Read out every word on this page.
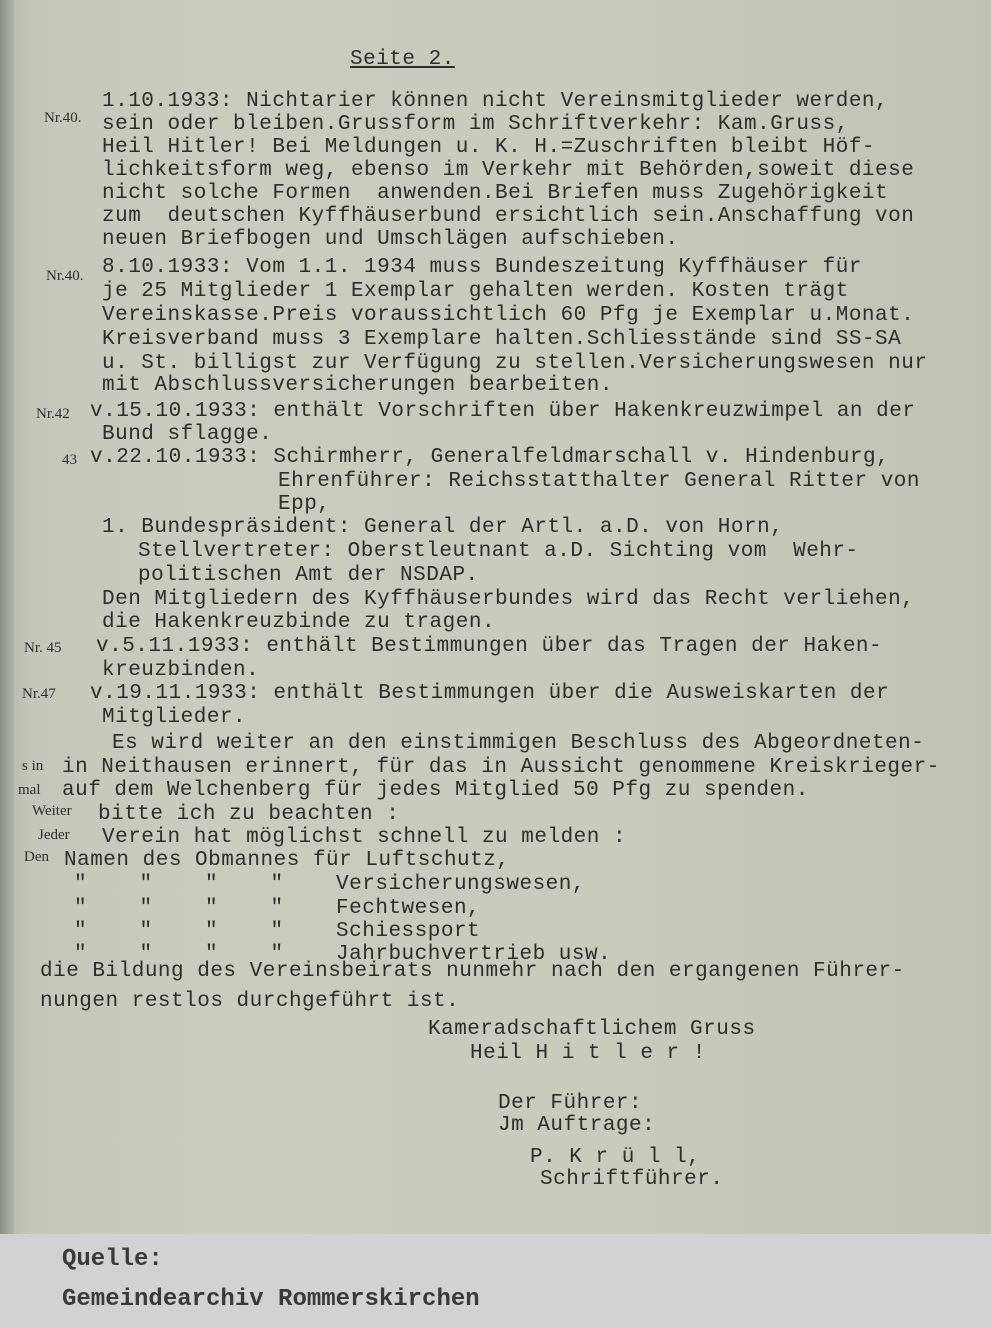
Seite 2.
Nr.40.
Nr.40.
Nr.42
43
Nr. 45
Nr.47
s in
mal
Weiter
Jeder
Den
1.10.1933: Nichtarier können nicht Vereinsmitglieder werden,
sein oder bleiben.Grussform im Schriftverkehr: Kam.Gruss,
Heil Hitler! Bei Meldungen u. K. H.=Zuschriften bleibt Höf-
lichkeitsform weg, ebenso im Verkehr mit Behörden,soweit diese
nicht solche Formen  anwenden.Bei Briefen muss Zugehörigkeit
zum  deutschen Kyffhäuserbund ersichtlich sein.Anschaffung von
neuen Briefbogen und Umschlägen aufschieben.
8.10.1933: Vom 1.1. 1934 muss Bundeszeitung Kyffhäuser für
je 25 Mitglieder 1 Exemplar gehalten werden. Kosten trägt
Vereinskasse.Preis voraussichtlich 60 Pfg je Exemplar u.Monat.
Kreisverband muss 3 Exemplare halten.Schliesstände sind SS-SA
u. St. billigst zur Verfügung zu stellen.Versicherungswesen nur
mit Abschlussversicherungen bearbeiten.
v.15.10.1933: enthält Vorschriften über Hakenkreuzwimpel an der
Bund sflagge.
v.22.10.1933: Schirmherr, Generalfeldmarschall v. Hindenburg,
Ehrenführer: Reichsstatthalter General Ritter von
Epp,
1. Bundespräsident: General der Artl. a.D. von Horn,
Stellvertreter: Oberstleutnant a.D. Sichting vom  Wehr-
politischen Amt der NSDAP.
Den Mitgliedern des Kyffhäuserbundes wird das Recht verliehen,
die Hakenkreuzbinde zu tragen.
v.5.11.1933: enthält Bestimmungen über das Tragen der Haken-
kreuzbinden.
v.19.11.1933: enthält Bestimmungen über die Ausweiskarten der
Mitglieder.
Es wird weiter an den einstimmigen Beschluss des Abgeordneten-
in Neithausen erinnert, für das in Aussicht genommene Kreiskrieger-
auf dem Welchenberg für jedes Mitglied 50 Pfg zu spenden.
bitte ich zu beachten :
Verein hat möglichst schnell zu melden :
Namen des Obmannes für Luftschutz,
"    "    "    "    Versicherungswesen,
"    "    "    "    Fechtwesen,
"    "    "    "    Schiessport
"    "    "    "    Jahrbuchvertrieb usw.
die Bildung des Vereinsbeirats nunmehr nach den ergangenen Führer-
nungen restlos durchgeführt ist.
Kameradschaftlichem Gruss
Heil H i t l e r !
Der Führer:
Jm Auftrage:
P. K r ü l l,
Schriftführer.
Quelle:
Gemeindearchiv Rommerskirchen
